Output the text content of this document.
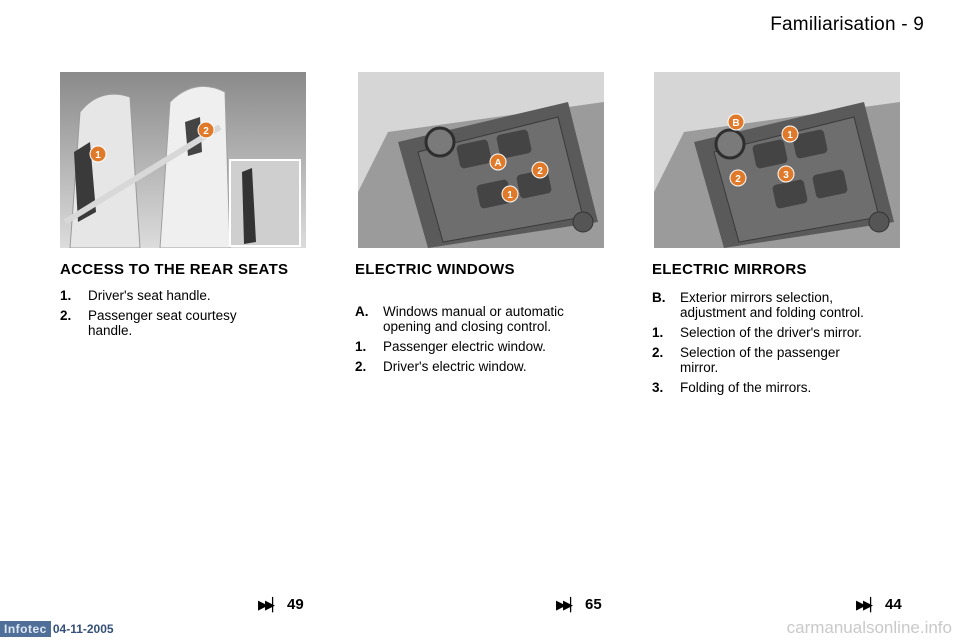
Familiarisation - 9
1
2
A
2
1
B
1
2	3
ACCESS TO THE REAR SEATS
1.	Driver's seat handle.
2.	Passenger seat courtesy handle.
ELECTRIC WINDOWS
A.	Windows manual or automatic opening and closing control.
1.	Passenger electric window.
2.	Driver's electric window.
ELECTRIC MIRRORS
B.	Exterior mirrors selection, adjustment and folding control.
1.	Selection of the driver's mirror.
2.	Selection of the passenger mirror.
3.	Folding of the mirrors.
▶▶▏ 49	▶▶▏ 65	▶▶▏ 44
Infotec 04-11-2005	carmanualsonline.info
